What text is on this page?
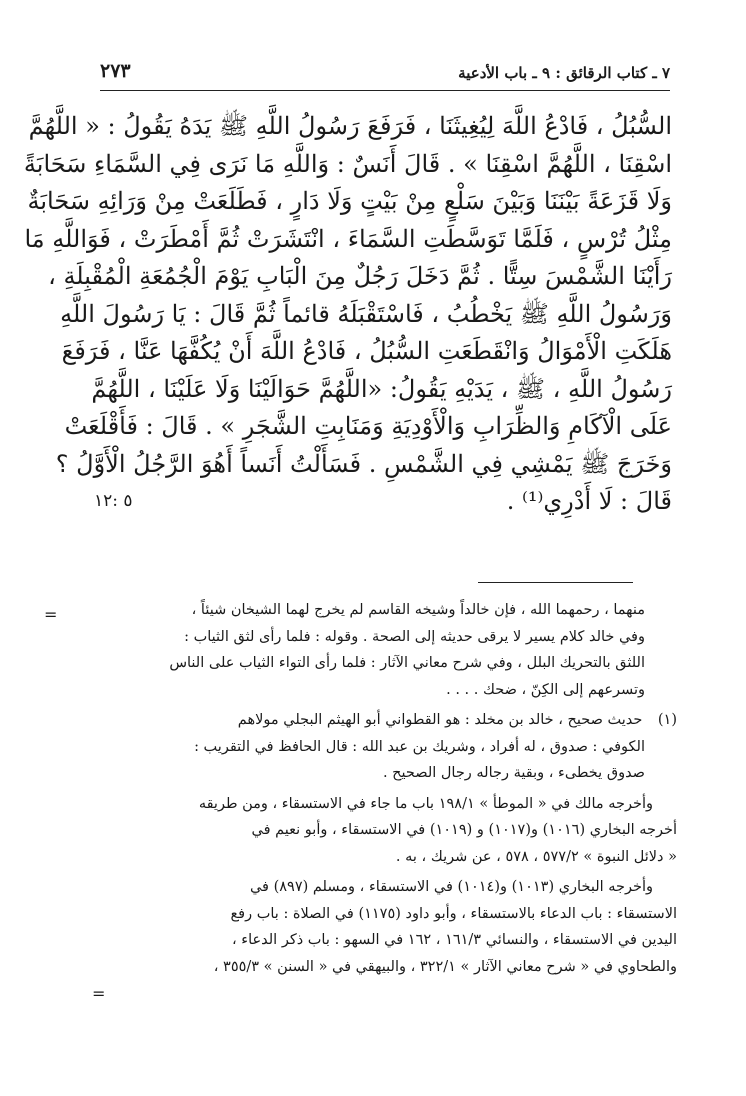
٧ ـ كتاب الرقائق : ٩ ـ باب الأدعية
٢٧٣
السُّبُلُ ، فَادْعُ اللَّهَ لِيُغِيثَنَا ، فَرَفَعَ رَسُولُ اللَّهِ ﷺ يَدَهُ يَقُولُ : « اللَّهُمَّ
اسْقِنَا ، اللَّهُمَّ اسْقِنَا » . قَالَ أَنَسٌ : وَاللَّهِ مَا نَرَى فِي السَّمَاءِ سَحَابَةً
وَلَا قَزَعَةً بَيْنَنَا وَبَيْنَ سَلْعٍ مِنْ بَيْتٍ وَلَا دَارٍ ، فَطَلَعَتْ مِنْ وَرَائِهِ سَحَابَةٌ
مِثْلُ تُرْسٍ ، فَلَمَّا تَوَسَّطَتِ السَّمَاءَ ، انْتَشَرَتْ ثُمَّ أَمْطَرَتْ ، فَوَاللَّهِ مَا
رَأَيْنَا الشَّمْسَ سِتًّا . ثُمَّ دَخَلَ رَجُلٌ مِنَ الْبَابِ يَوْمَ الْجُمُعَةِ الْمُقْبِلَةِ ،
وَرَسُولُ اللَّهِ ﷺ يَخْطُبُ ، فَاسْتَقْبَلَهُ قائماً ثُمَّ قَالَ : يَا رَسُولَ اللَّهِ
هَلَكَتِ الْأَمْوَالُ وَانْقَطَعَتِ السُّبُلُ ، فَادْعُ اللَّهَ أَنْ يُكُفَّهَا عَنَّا ، فَرَفَعَ
رَسُولُ اللَّهِ ، ﷺ ، يَدَيْهِ يَقُولُ: «اللَّهُمَّ حَوَالَيْنَا وَلَا عَلَيْنَا ، اللَّهُمَّ
عَلَى الْآكَامِ وَالظِّرَابِ وَالْأَوْدِيَةِ وَمَنَابِتِ الشَّجَرِ » . قَالَ : فَأَقْلَعَتْ
وَخَرَجَ ﷺ يَمْشِي فِي الشَّمْسِ . فَسَأَلْتُ أَنَساً أَهُوَ الرَّجُلُ الْأَوَّلُ ؟
قَالَ : لَا أَدْرِي⁽¹⁾ .
٥ :١٢
=	منهما ، رحمهما الله ، فإن خالداً وشيخه القاسم لم يخرج لهما الشيخان شيئاً ،
وفي خالد كلام يسير لا يرقى حديثه إلى الصحة . وقوله : فلما رأى لثق الثياب :
اللثق بالتحريك البلل ، وفي شرح معاني الآثار : فلما رأى التواء الثياب على الناس
وتسرعهم إلى الكِنّ ، ضحك . . . .
(١) حديث صحيح ، خالد بن مخلد : هو القطواني أبو الهيثم البجلي مولاهم
الكوفي : صدوق ، له أفراد ، وشريك بن عبد الله : قال الحافظ في التقريب :
صدوق يخطىء ، وبقية رجاله رجال الصحيح .
وأخرجه مالك في « الموطأ » ١٩٨/١ باب ما جاء في الاستسقاء ، ومن طريقه
أخرجه البخاري (١٠١٦) و(١٠١٧) و (١٠١٩) في الاستسقاء ، وأبو نعيم في
« دلائل النبوة » ٥٧٧/٢ ، ٥٧٨ ، عن شريك ، به .
وأخرجه البخاري (١٠١٣) و(١٠١٤) في الاستسقاء ، ومسلم (٨٩٧) في
الاستسقاء : باب الدعاء بالاستسقاء ، وأبو داود (١١٧٥) في الصلاة : باب رفع
اليدين في الاستسقاء ، والنسائي ١٦١/٣ ، ١٦٢ في السهو : باب ذكر الدعاء ،
والطحاوي في « شرح معاني الآثار » ٣٢٢/١ ، والبيهقي في « السنن » ٣٥٥/٣ ،
=
